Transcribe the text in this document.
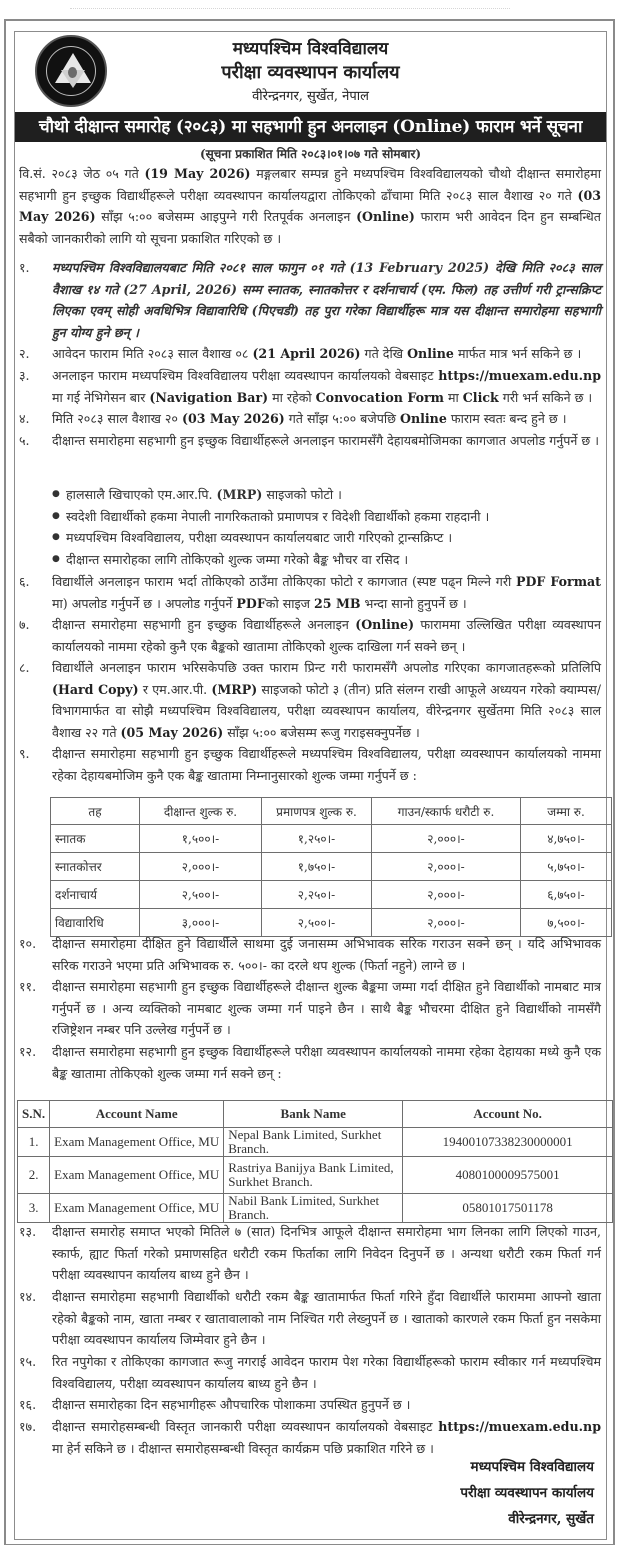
मध्यपश्चिम विश्वविद्यालय
परीक्षा व्यवस्थापन कार्यालय
वीरेन्द्रनगर, सुर्खेत, नेपाल
चौथो दीक्षान्त समारोह (२०८३) मा सहभागी हुन अनलाइन (Online) फाराम भर्ने सूचना
(सूचना प्रकाशित मिति २०८३।०१।०७ गते सोमबार)
वि.सं. २०८३ जेठ ०५ गते (19 May 2026) मङ्गलबार सम्पन्न हुने मध्यपश्चिम विश्वविद्यालयको चौथो दीक्षान्त समारोहमा सहभागी हुन इच्छुक विद्यार्थीहरूले परीक्षा व्यवस्थापन कार्यालयद्वारा तोकिएको ढाँचामा मिति २०८३ साल वैशाख २० गते (03 May 2026) साँझ ५:०० बजेसम्म आइपुग्ने गरी रितपूर्वक अनलाइन (Online) फाराम भरी आवेदन दिन हुन सम्बन्धित सबैको जानकारीको लागि यो सूचना प्रकाशित गरिएको छ ।
१.	मध्यपश्चिम विश्वविद्यालयबाट मिति २०८१ साल फागुन ०१ गते (13 February 2025) देखि मिति २०८३ साल वैशाख १४ गते (27 April, 2026) सम्म स्नातक, स्नातकोत्तर र दर्शनाचार्य (एम. फिल) तह उत्तीर्ण गरी ट्रान्सक्रिप्ट लिएका एवम् सोही अवधिभित्र विद्यावारिधि (पिएचडी) तह पुरा गरेका विद्यार्थीहरू मात्र यस दीक्षान्त समारोहमा सहभागी हुन योग्य हुने छन् ।
२.	आवेदन फाराम मिति २०८३ साल वैशाख ०८ (21 April 2026) गते देखि Online मार्फत मात्र भर्न सकिने छ ।
३.	अनलाइन फाराम मध्यपश्चिम विश्वविद्यालय परीक्षा व्यवस्थापन कार्यालयको वेबसाइट https://muexam.edu.np मा गई नेभिगेसन बार (Navigation Bar) मा रहेको Convocation Form मा Click गरी भर्न सकिने छ ।
४.	मिति २०८३ साल वैशाख २० (03 May 2026) गते साँझ ५:०० बजेपछि Online फाराम स्वतः बन्द हुने छ ।
५.	दीक्षान्त समारोहमा सहभागी हुन इच्छुक विद्यार्थीहरूले अनलाइन फारामसँगै देहायबमोजिमका कागजात अपलोड गर्नुपर्ने छ ।
● हालसालै खिचाएको एम.आर.पि. (MRP) साइजको फोटो ।
● स्वदेशी विद्यार्थीको हकमा नेपाली नागरिकताको प्रमाणपत्र र विदेशी विद्यार्थीको हकमा राहदानी ।
● मध्यपश्चिम विश्वविद्यालय, परीक्षा व्यवस्थापन कार्यालयबाट जारी गरिएको ट्रान्सक्रिप्ट ।
● दीक्षान्त समारोहका लागि तोकिएको शुल्क जम्मा गरेको बैङ्क भौचर वा रसिद ।
६.	विद्यार्थीले अनलाइन फाराम भर्दा तोकिएको ठाउँमा तोकिएका फोटो र कागजात (स्पष्ट पढ्न मिल्ने गरी PDF Format मा) अपलोड गर्नुपर्ने छ । अपलोड गर्नुपर्ने PDFको साइज 25 MB भन्दा सानो हुनुपर्ने छ ।
७.	दीक्षान्त समारोहमा सहभागी हुन इच्छुक विद्यार्थीहरूले अनलाइन (Online) फाराममा उल्लिखित परीक्षा व्यवस्थापन कार्यालयको नाममा रहेको कुनै एक बैङ्कको खातामा तोकिएको शुल्क दाखिला गर्न सक्ने छन् ।
८.	विद्यार्थीले अनलाइन फाराम भरिसकेपछि उक्त फाराम प्रिन्ट गरी फारामसँगै अपलोड गरिएका कागजातहरूको प्रतिलिपि (Hard Copy) र एम.आर.पी. (MRP) साइजको फोटो ३ (तीन) प्रति संलग्न राखी आफूले अध्ययन गरेको क्याम्पस/विभागमार्फत वा सोझै मध्यपश्चिम विश्वविद्यालय, परीक्षा व्यवस्थापन कार्यालय, वीरेन्द्रनगर सुर्खेतमा मिति २०८३ साल वैशाख २२ गते (05 May 2026) साँझ ५:०० बजेसम्म रूजु गराइसक्नुपर्नेछ ।
९.	दीक्षान्त समारोहमा सहभागी हुन इच्छुक विद्यार्थीहरूले मध्यपश्चिम विश्वविद्यालय, परीक्षा व्यवस्थापन कार्यालयको नाममा रहेका देहायबमोजिम कुनै एक बैङ्क खातामा निम्नानुसारको शुल्क जम्मा गर्नुपर्ने छ :
तह	दीक्षान्त शुल्क रु.	प्रमाणपत्र शुल्क रु.	गाउन/स्कार्फ धरौटी रु.	जम्मा रु.
स्नातक	१,५००।-	१,२५०।-	२,०००।-	४,७५०।-
स्नातकोत्तर	२,०००।-	१,७५०।-	२,०००।-	५,७५०।-
दर्शनाचार्य	२,५००।-	२,२५०।-	२,०००।-	६,७५०।-
विद्यावारिधि	३,०००।-	२,५००।-	२,०००।-	७,५००।-
१०.	दीक्षान्त समारोहमा दीक्षित हुने विद्यार्थीले साथमा दुई जनासम्म अभिभावक सरिक गराउन सक्ने छन् । यदि अभिभावक सरिक गराउने भएमा प्रति अभिभावक रु. ५००।- का दरले थप शुल्क (फिर्ता नहुने) लाग्ने छ ।
११.	दीक्षान्त समारोहमा सहभागी हुन इच्छुक विद्यार्थीहरूले दीक्षान्त शुल्क बैङ्कमा जम्मा गर्दा दीक्षित हुने विद्यार्थीको नामबाट मात्र गर्नुपर्ने छ । अन्य व्यक्तिको नामबाट शुल्क जम्मा गर्न पाइने छैन । साथै बैङ्क भौचरमा दीक्षित हुने विद्यार्थीको नामसँगै रजिष्ट्रेशन नम्बर पनि उल्लेख गर्नुपर्ने छ ।
१२.	दीक्षान्त समारोहमा सहभागी हुन इच्छुक विद्यार्थीहरूले परीक्षा व्यवस्थापन कार्यालयको नाममा रहेका देहायका मध्ये कुनै एक बैङ्क खातामा तोकिएको शुल्क जम्मा गर्न सक्ने छन् :
S.N.	Account Name	Bank Name	Account No.
1.	Exam Management Office, MU	Nepal Bank Limited, Surkhet Branch.	19400107338230000001
2.	Exam Management Office, MU	Rastriya Banijya Bank Limited, Surkhet Branch.	4080100009575001
3.	Exam Management Office, MU	Nabil Bank Limited, Surkhet Branch.	05801017501178
१३.	दीक्षान्त समारोह समाप्त भएको मितिले ७ (सात) दिनभित्र आफूले दीक्षान्त समारोहमा भाग लिनका लागि लिएको गाउन, स्कार्फ, ह्याट फिर्ता गरेको प्रमाणसहित धरौटी रकम फिर्ताका लागि निवेदन दिनुपर्ने छ । अन्यथा धरौटी रकम फिर्ता गर्न परीक्षा व्यवस्थापन कार्यालय बाध्य हुने छैन ।
१४.	दीक्षान्त समारोहमा सहभागी विद्यार्थीको धरौटी रकम बैङ्क खातामार्फत फिर्ता गरिने हुँदा विद्यार्थीले फाराममा आफ्नो खाता रहेको बैङ्कको नाम, खाता नम्बर र खातावालाको नाम निश्चित गरी लेख्नुपर्ने छ । खाताको कारणले रकम फिर्ता हुन नसकेमा परीक्षा व्यवस्थापन कार्यालय जिम्मेवार हुने छैन ।
१५.	रित नपुगेका र तोकिएका कागजात रूजु नगराई आवेदन फाराम पेश गरेका विद्यार्थीहरूको फाराम स्वीकार गर्न मध्यपश्चिम विश्वविद्यालय, परीक्षा व्यवस्थापन कार्यालय बाध्य हुने छैन ।
१६.	दीक्षान्त समारोहका दिन सहभागीहरू औपचारिक पोशाकमा उपस्थित हुनुपर्ने छ ।
१७.	दीक्षान्त समारोहसम्बन्धी विस्तृत जानकारी परीक्षा व्यवस्थापन कार्यालयको वेबसाइट https://muexam.edu.np मा हेर्न सकिने छ । दीक्षान्त समारोहसम्बन्धी विस्तृत कार्यक्रम पछि प्रकाशित गरिने छ ।
मध्यपश्चिम विश्वविद्यालय
परीक्षा व्यवस्थापन कार्यालय
वीरेन्द्रनगर, सुर्खेत
